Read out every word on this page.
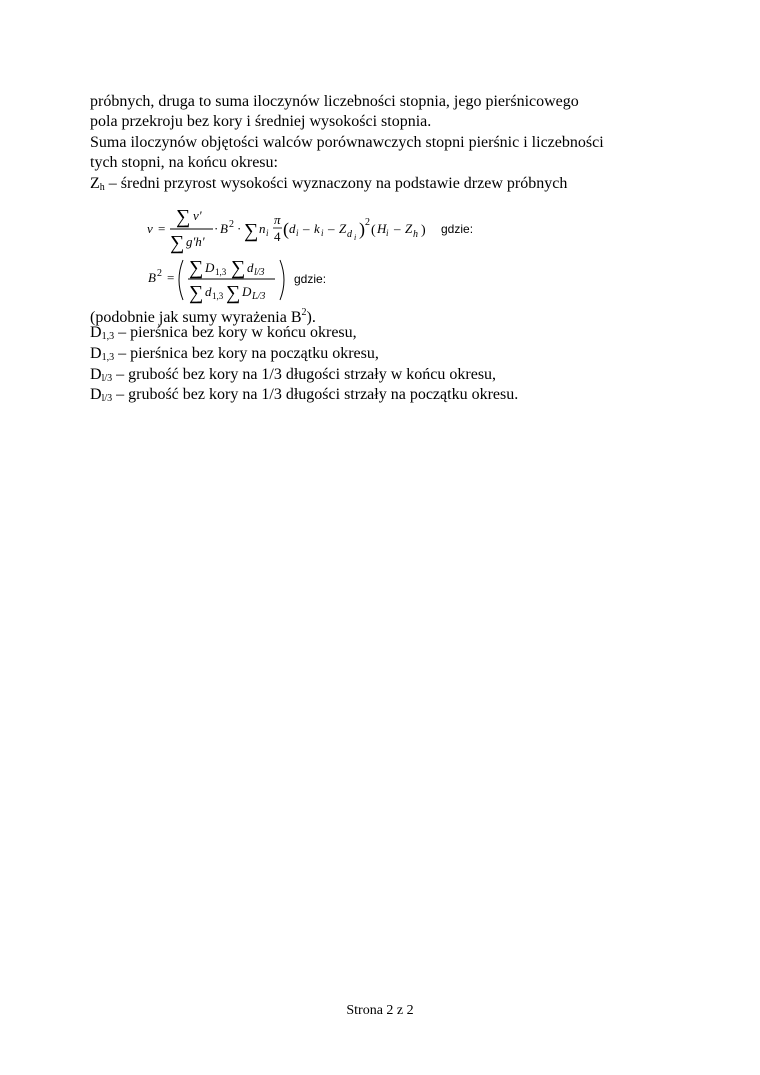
próbnych, druga to suma iloczynów liczebności stopnia, jego pierśnicowego
pola przekroju bez kory i średniej wysokości stopnia.
Suma iloczynów objętości walców porównawczych stopni pierśnic i liczebności
tych stopni, na końcu okresu:
$Z_h$ – średni przyrost wysokości wyznaczony na podstawie drzew próbnych
v =
∑ v'
∑ g'h'
· B 2 · ∑ n i
π
4 ( d i – k i – Z d i ) 2
( H i – Z h ) gdzie:
B 2 = ∑ D 1,3 ∑ d l/3
∑ d 1,3 ∑ D L/3
gdzie:
(podobnie jak sumy wyrażenia $B^2$).
$D_{1,3}$ – pierśnica bez kory w końcu okresu,
$D_{1,3}$ – pierśnica bez kory na początku okresu,
$D_{l/3}$ – grubość bez kory na 1/3 długości strzały w końcu okresu,
$D_{l/3}$ – grubość bez kory na 1/3 długości strzały na początku okresu.
Strona 2 z 2
